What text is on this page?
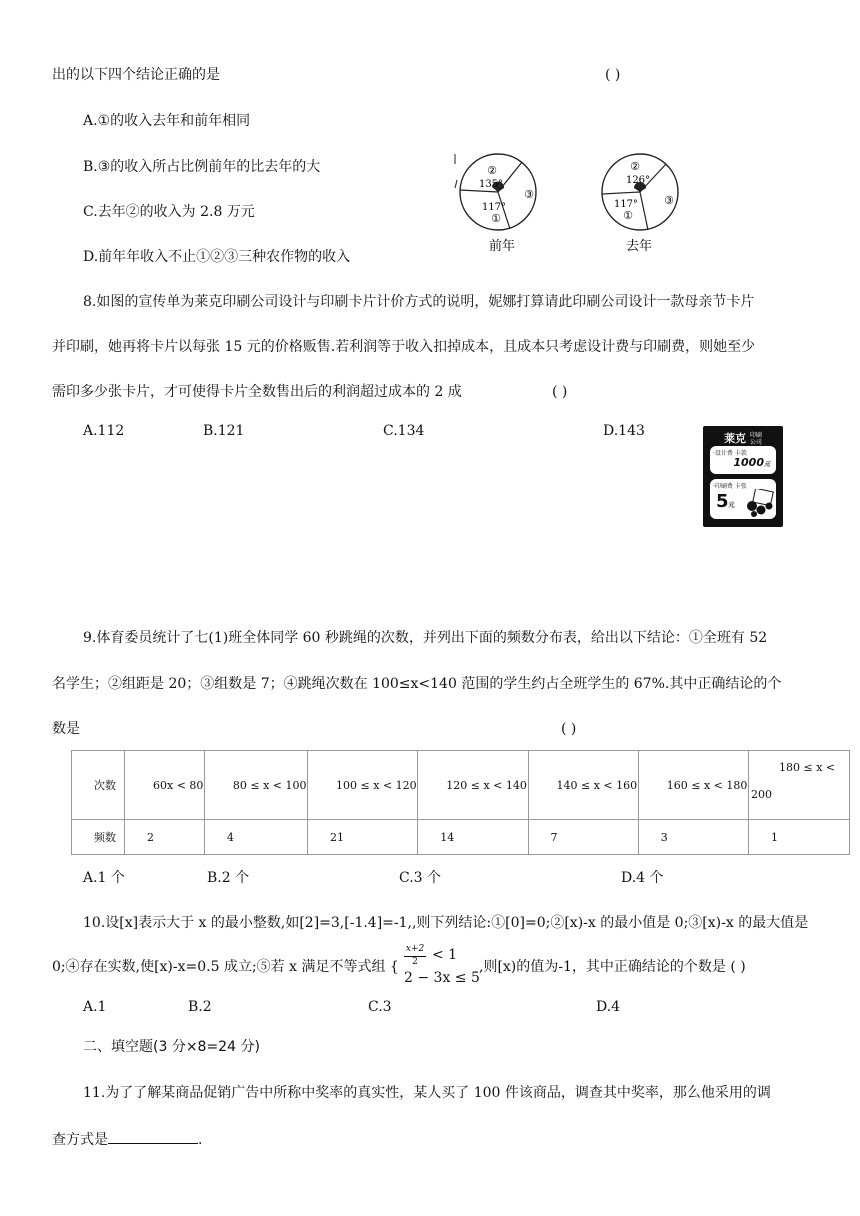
出的以下四个结论正确的是	( )
A.①的收入去年和前年相同
B.③的收入所占比例前年的比去年的大
C.去年②的收入为 2.8 万元
D.前年年收入不止①②③三种农作物的收入
②
135°
③
117°
①
前年
②
126°
③
117°
①
去年
8.如图的宣传单为莱克印刷公司设计与印刷卡片计价方式的说明，妮娜打算请此印刷公司设计一款母亲节卡片
并印刷，她再将卡片以每张 15 元的价格贩售.若利润等于收入扣掉成本，且成本只考虑设计费与印刷费，则她至少
需印多少张卡片，才可使得卡片全数售出后的利润超过成本的 2 成	( )
A.112	B.121	C.134	D.143	莱克 印刷
公司
·设计费 卡款
1000元
·印刷费 卡张
5元
9.体育委员统计了七(1)班全体同学 60 秒跳绳的次数，并列出下面的频数分布表，给出以下结论：①全班有 52
名学生；②组距是 20；③组数是 7；④跳绳次数在 100≤x<140 范围的学生约占全班学生的 67%.其中正确结论的个
数是	( )
次数	60x < 80	80 ≤ x < 100	100 ≤ x < 120	120 ≤ x < 140	140 ≤ x < 160	160 ≤ x < 180	180 ≤ x <
200

频数	2	4	21	14	7	3	1
A.1 个	B.2 个	C.3 个	D.4 个
10.设[x]表示大于 x 的最小整数,如[2]=3,[-1.4]=-1,,则下列结论:①[0]=0;②[x)-x 的最小值是 0;③[x)-x 的最大值是
0;④存在实数,使[x)-x=0.5 成立;⑤若 x 满足不等式组 {
x+2
2	< 1
2 − 3x ≤ 5
,则[x)的值为-1，其中正确结论的个数是 ( )
A.1	B.2	C.3	D.4
二、填空题(3 分×8=24 分)
11.为了了解某商品促销广告中所称中奖率的真实性，某人买了 100 件该商品，调查其中奖率，那么他采用的调
查方式是	.
